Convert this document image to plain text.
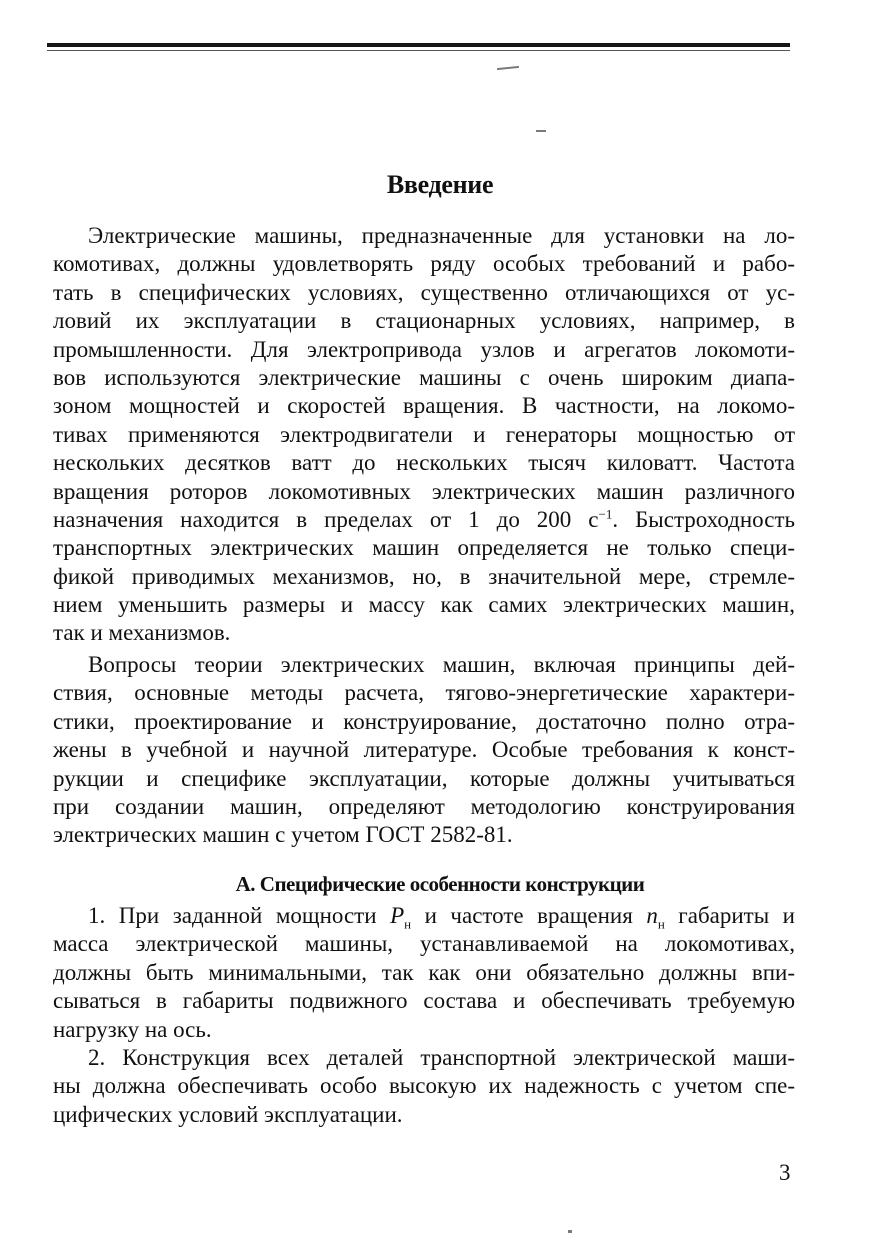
Введение
Электрические машины, предназначенные для установки на ло-
комотивах, должны удовлетворять ряду особых требований и рабо-
тать в специфических условиях, существенно отличающихся от ус-
ловий их эксплуатации в стационарных условиях, например, в
промышленности. Для электропривода узлов и агрегатов локомоти-
вов используются электрические машины с очень широким диапа-
зоном мощностей и скоростей вращения. В частности, на локомо-
тивах применяются электродвигатели и генераторы мощностью от
нескольких десятков ватт до нескольких тысяч киловатт. Частота
вращения роторов локомотивных электрических машин различного
назначения находится в пределах от 1 до 200 $с^{-1}$. Быстроходность
транспортных электрических машин определяется не только специ-
фикой приводимых механизмов, но, в значительной мере, стремле-
нием уменьшить размеры и массу как самих электрических машин,
так и механизмов.
Вопросы теории электрических машин, включая принципы дей-
ствия, основные методы расчета, тягово-энергетические характери-
стики, проектирование и конструирование, достаточно полно отра-
жены в учебной и научной литературе. Особые требования к конст-
рукции и специфике эксплуатации, которые должны учитываться
при создании машин, определяют методологию конструирования
электрических машин с учетом ГОСТ 2582-81.
А. Специфические особенности конструкции
1. При заданной мощности $P_н$ и частоте вращения $n_н$ габариты и
масса электрической машины, устанавливаемой на локомотивах,
должны быть минимальными, так как они обязательно должны впи-
сываться в габариты подвижного состава и обеспечивать требуемую
нагрузку на ось.
2. Конструкция всех деталей транспортной электрической маши-
ны должна обеспечивать особо высокую их надежность с учетом спе-
цифических условий эксплуатации.
3
